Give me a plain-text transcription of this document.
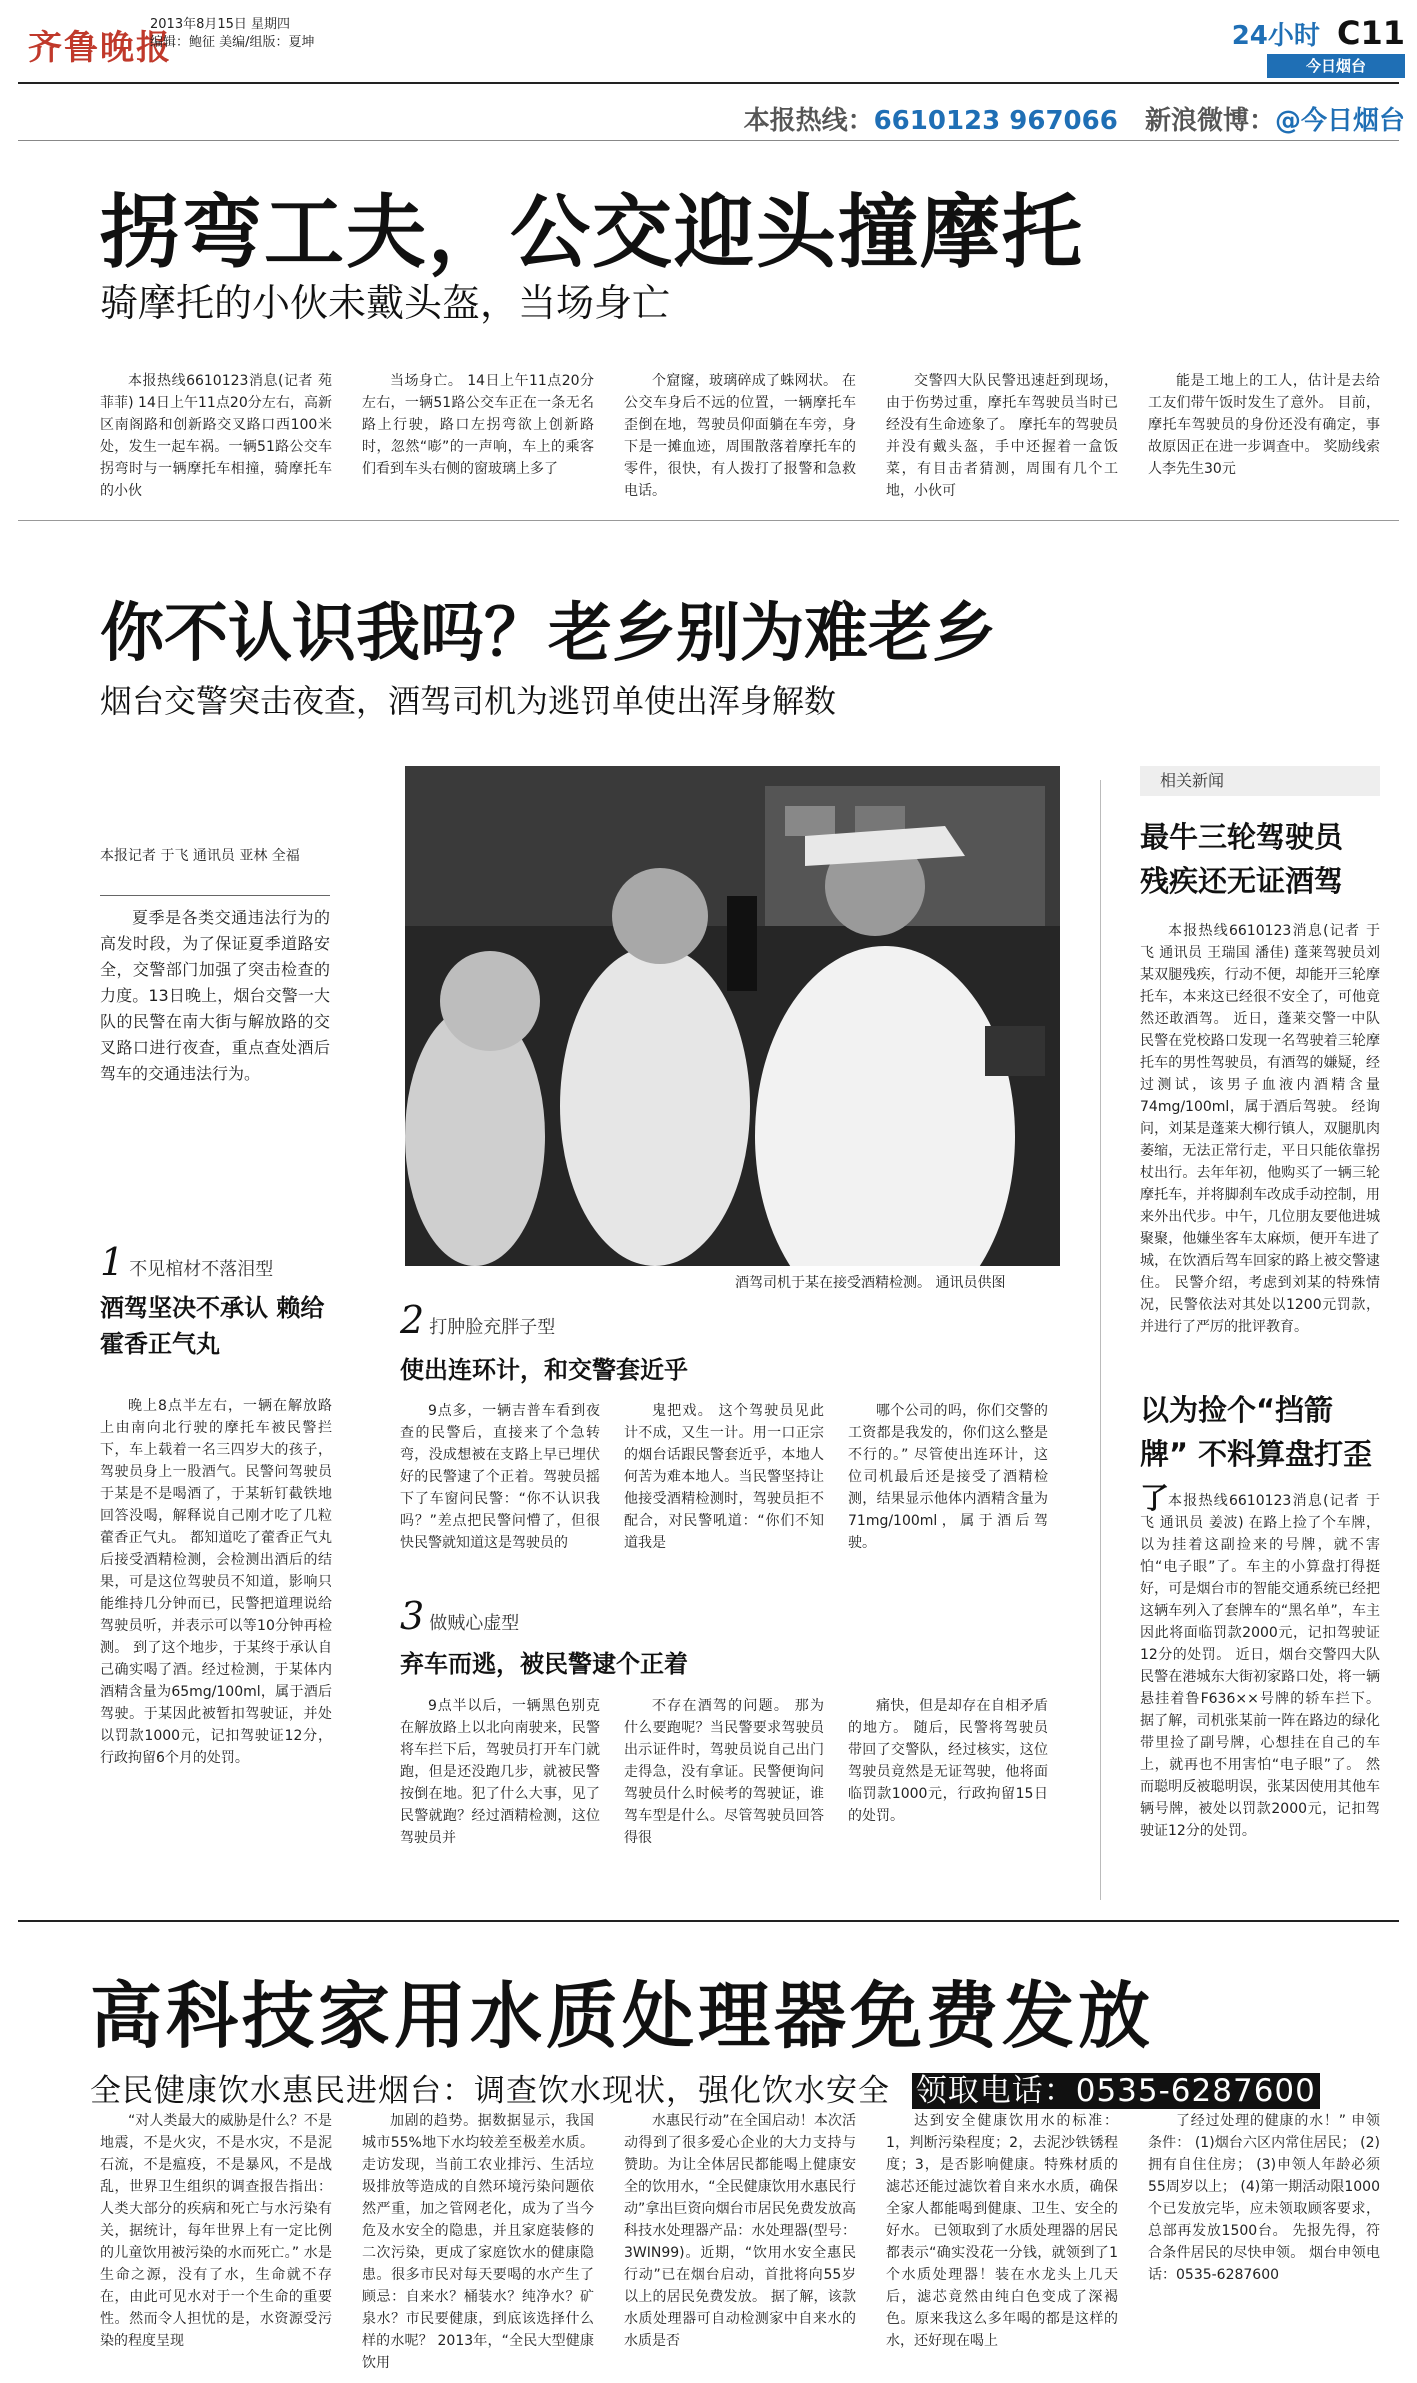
齐鲁晚报
2013年8月15日 星期四
编辑：鲍征 美编/组版：夏坤	24小时 C11
今日烟台
本报热线：6610123 967066 新浪微博：@今日烟台
拐弯工夫，公交迎头撞摩托
骑摩托的小伙未戴头盔，当场身亡

本报热线6610123消息(记者 苑菲菲) 14日上午11点20分左右，高新区南阁路和创新路交叉路口西100米处，发生一起车祸。一辆51路公交车拐弯时与一辆摩托车相撞，骑摩托车的小伙

当场身亡。 14日上午11点20分左右，一辆51路公交车正在一条无名路上行驶，路口左拐弯欲上创新路时，忽然“嘭”的一声响，车上的乘客们看到车头右侧的窗玻璃上多了

个窟窿，玻璃碎成了蛛网状。 在公交车身后不远的位置，一辆摩托车歪倒在地，驾驶员仰面躺在车旁，身下是一摊血迹，周围散落着摩托车的零件，很快，有人拨打了报警和急救电话。

交警四大队民警迅速赶到现场，由于伤势过重，摩托车驾驶员当时已经没有生命迹象了。 摩托车的驾驶员并没有戴头盔，手中还握着一盒饭菜，有目击者猜测，周围有几个工地，小伙可

能是工地上的工人，估计是去给工友们带午饭时发生了意外。 目前，摩托车驾驶员的身份还没有确定，事故原因正在进一步调查中。 奖励线索人李先生30元

你不认识我吗？老乡别为难老乡
烟台交警突击夜查，酒驾司机为逃罚单使出浑身解数
本报记者 于飞 通讯员 亚林 全福

夏季是各类交通违法行为的高发时段，为了保证夏季道路安全，交警部门加强了突击检查的力度。13日晚上，烟台交警一大队的民警在南大街与解放路的交叉路口进行夜查，重点查处酒后驾车的交通违法行为。

酒驾司机于某在接受酒精检测。 通讯员供图
1 不见棺材不落泪型
酒驾坚决不承认 赖给霍香正气丸

晚上8点半左右，一辆在解放路上由南向北行驶的摩托车被民警拦下，车上载着一名三四岁大的孩子，驾驶员身上一股酒气。民警问驾驶员于某是不是喝酒了，于某斩钉截铁地回答没喝，解释说自己刚才吃了几粒藿香正气丸。 都知道吃了藿香正气丸后接受酒精检测，会检测出酒后的结果，可是这位驾驶员不知道，影响只能维持几分钟而已，民警把道理说给驾驶员听，并表示可以等10分钟再检测。 到了这个地步，于某终于承认自己确实喝了酒。经过检测，于某体内酒精含量为65mg/100ml，属于酒后驾驶。于某因此被暂扣驾驶证，并处以罚款1000元，记扣驾驶证12分，行政拘留6个月的处罚。

2 打肿脸充胖子型
使出连环计，和交警套近乎

9点多，一辆吉普车看到夜查的民警后，直接来了个急转弯，没成想被在支路上早已埋伏好的民警逮了个正着。驾驶员摇下了车窗问民警：“你不认识我吗？”差点把民警问懵了，但很快民警就知道这是驾驶员的

鬼把戏。 这个驾驶员见此计不成，又生一计。用一口正宗的烟台话跟民警套近乎，本地人何苦为难本地人。当民警坚持让他接受酒精检测时，驾驶员拒不配合，对民警吼道：“你们不知道我是

哪个公司的吗，你们交警的工资都是我发的，你们这么整是不行的。” 尽管使出连环计，这位司机最后还是接受了酒精检测，结果显示他体内酒精含量为71mg/100ml，属于酒后驾驶。

3 做贼心虚型
弃车而逃，被民警逮个正着

9点半以后，一辆黑色别克在解放路上以北向南驶来，民警将车拦下后，驾驶员打开车门就跑，但是还没跑几步，就被民警按倒在地。犯了什么大事，见了民警就跑？经过酒精检测，这位驾驶员并

不存在酒驾的问题。 那为什么要跑呢？当民警要求驾驶员出示证件时，驾驶员说自己出门走得急，没有拿证。民警便询问驾驶员什么时候考的驾驶证，谁驾车型是什么。尽管驾驶员回答得很

痛快，但是却存在自相矛盾的地方。 随后，民警将驾驶员带回了交警队，经过核实，这位驾驶员竟然是无证驾驶，他将面临罚款1000元，行政拘留15日的处罚。

相关新闻
最牛三轮驾驶员 残疾还无证酒驾

本报热线6610123消息(记者 于飞 通讯员 王瑞国 潘佳) 蓬莱驾驶员刘某双腿残疾，行动不便，却能开三轮摩托车，本来这已经很不安全了，可他竟然还敢酒驾。 近日，蓬莱交警一中队民警在党校路口发现一名驾驶着三轮摩托车的男性驾驶员，有酒驾的嫌疑，经过测试，该男子血液内酒精含量74mg/100ml，属于酒后驾驶。 经询问，刘某是蓬莱大柳行镇人，双腿肌肉萎缩，无法正常行走，平日只能依靠拐杖出行。去年年初，他购买了一辆三轮摩托车，并将脚刹车改成手动控制，用来外出代步。中午，几位朋友要他进城聚聚，他嫌坐客车太麻烦，便开车进了城，在饮酒后驾车回家的路上被交警逮住。 民警介绍，考虑到刘某的特殊情况，民警依法对其处以1200元罚款，并进行了严厉的批评教育。

以为捡个“挡箭牌” 不料算盘打歪了

本报热线6610123消息(记者 于飞 通讯员 姜波) 在路上捡了个车牌，以为挂着这副捡来的号牌，就不害怕“电子眼”了。车主的小算盘打得挺好，可是烟台市的智能交通系统已经把这辆车列入了套牌车的“黑名单”，车主因此将面临罚款2000元，记扣驾驶证12分的处罚。 近日，烟台交警四大队民警在港城东大街初家路口处，将一辆悬挂着鲁F636××号牌的轿车拦下。 据了解，司机张某前一阵在路边的绿化带里捡了副号牌，心想挂在自己的车上，就再也不用害怕“电子眼”了。 然而聪明反被聪明误，张某因使用其他车辆号牌，被处以罚款2000元，记扣驾驶证12分的处罚。

高科技家用水质处理器免费发放
全民健康饮水惠民进烟台：调查饮水现状，强化饮水安全 领取电话：0535-6287600

“对人类最大的威胁是什么？不是地震，不是火灾，不是水灾，不是泥石流，不是瘟疫，不是暴风，不是战乱，世界卫生组织的调查报告指出：人类大部分的疾病和死亡与水污染有关，据统计，每年世界上有一定比例的儿童饮用被污染的水而死亡。” 水是生命之源，没有了水，生命就不存在，由此可见水对于一个生命的重要性。然而令人担忧的是，水资源受污染的程度呈现

加剧的趋势。据数据显示，我国城市55%地下水均较差至极差水质。走访发现，当前工农业排污、生活垃圾排放等造成的自然环境污染问题依然严重，加之管网老化，成为了当今危及水安全的隐患，并且家庭装修的二次污染，更成了家庭饮水的健康隐患。很多市民对每天要喝的水产生了顾忌：自来水？桶装水？纯净水？矿泉水？市民要健康，到底该选择什么样的水呢？ 2013年，“全民大型健康饮用

水惠民行动”在全国启动！本次活动得到了很多爱心企业的大力支持与赞助。为让全体居民都能喝上健康安全的饮用水，“全民健康饮用水惠民行动”拿出巨资向烟台市居民免费发放高科技水处理器产品：水处理器(型号：3WIN99)。近期，“饮用水安全惠民行动”已在烟台启动，首批将向55岁以上的居民免费发放。 据了解，该款水质处理器可自动检测家中自来水的水质是否

达到安全健康饮用水的标准：1，判断污染程度；2，去泥沙铁锈程度；3，是否影响健康。特殊材质的滤芯还能过滤饮着自来水水质，确保全家人都能喝到健康、卫生、安全的好水。 已领取到了水质处理器的居民都表示“确实没花一分钱，就领到了1个水质处理器！装在水龙头上几天后，滤芯竟然由纯白色变成了深褐色。原来我这么多年喝的都是这样的水，还好现在喝上

了经过处理的健康的水！” 申领条件： (1)烟台六区内常住居民； (2)拥有自住住房； (3)申领人年龄必须55周岁以上； (4)第一期活动限1000个已发放完毕，应未领取顾客要求，总部再发放1500台。 先报先得，符合条件居民的尽快申领。 烟台申领电话：0535-6287600
